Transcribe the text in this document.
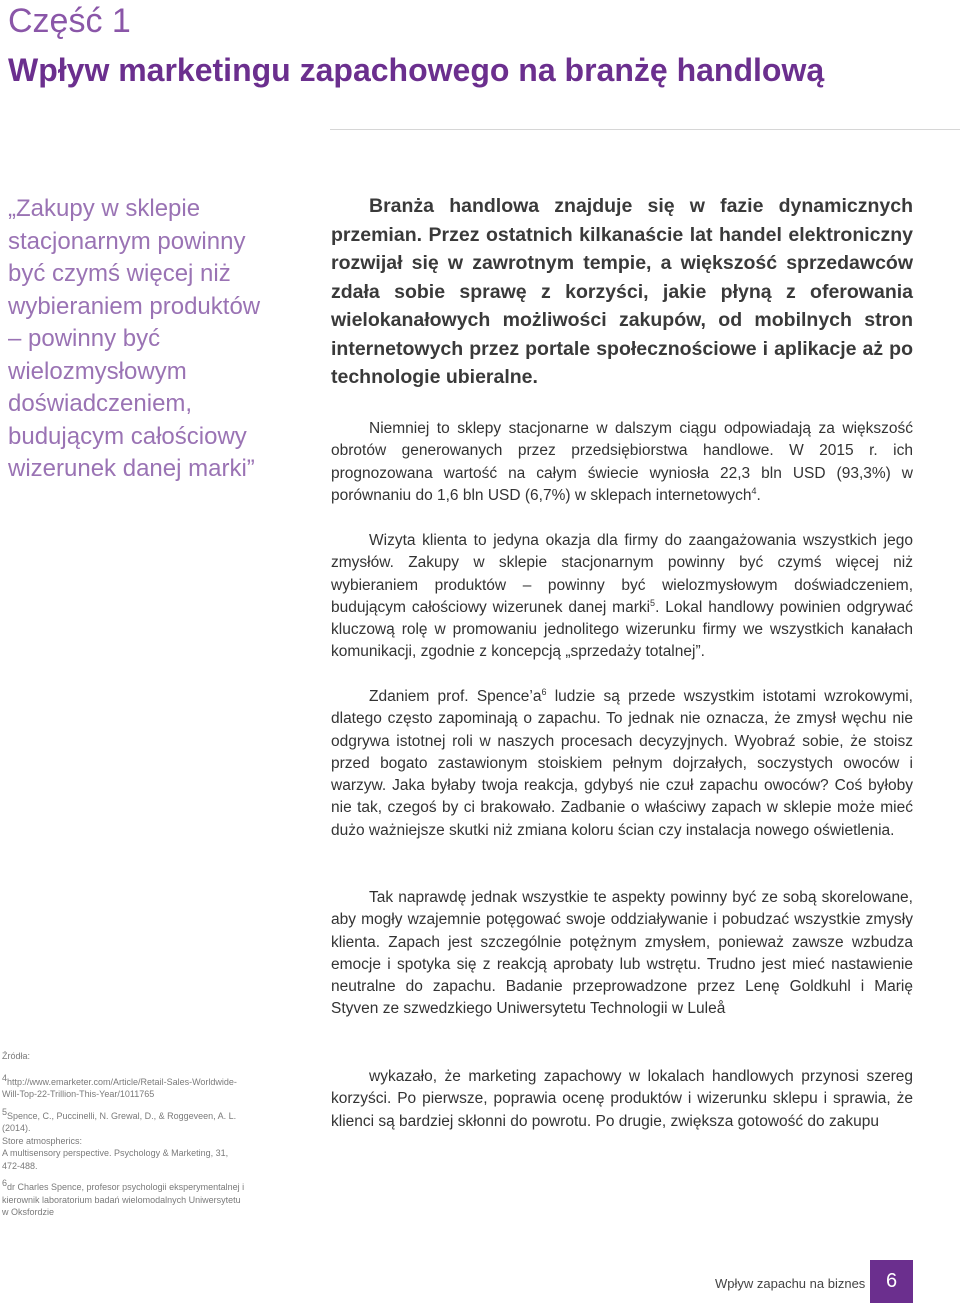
Część 1
Wpływ marketingu zapachowego na branżę handlową

„Zakupy w sklepie stacjonarnym powinny być czymś więcej niż wybieraniem produktów – powinny być wielozmysłowym doświadczeniem, budującym całościowy wizerunek danej marki”

Branża handlowa znajduje się w fazie dynamicznych przemian. Przez ostatnich kilkanaście lat handel elektroniczny rozwijał się w zawrotnym tempie, a większość sprzedawców zdała sobie sprawę z korzyści, jakie płyną z oferowania wielokanałowych możliwości zakupów, od mobilnych stron internetowych przez portale społecznościowe i aplikacje aż po technologie ubieralne.

Niemniej to sklepy stacjonarne w dalszym ciągu odpowiadają za większość obrotów generowanych przez przedsiębiorstwa handlowe. W 2015 r. ich prognozowana wartość na całym świecie wyniosła 22,3 bln USD (93,3%) w porównaniu do 1,6 bln USD (6,7%) w sklepach internetowych$^4$.

Wizyta klienta to jedyna okazja dla firmy do zaangażowania wszystkich jego zmysłów. Zakupy w sklepie stacjonarnym powinny być czymś więcej niż wybieraniem produktów – powinny być wielozmysłowym doświadczeniem, budującym całościowy wizerunek danej marki$^5$. Lokal handlowy powinien odgrywać kluczową rolę w promowaniu jednolitego wizerunku firmy we wszystkich kanałach komunikacji, zgodnie z koncepcją „sprzedaży totalnej”.

Zdaniem prof. $Spence’a^6$ ludzie są przede wszystkim istotami wzrokowymi, dlatego często zapominają o zapachu. To jednak nie oznacza, że zmysł węchu nie odgrywa istotnej roli w naszych procesach decyzyjnych. Wyobraź sobie, że stoisz przed bogato zastawionym stoiskiem pełnym dojrzałych, soczystych owoców i warzyw. Jaka byłaby twoja reakcja, gdybyś nie czuł zapachu owoców? Coś byłoby nie tak, czegoś by ci brakowało. Zadbanie o właściwy zapach w sklepie może mieć dużo ważniejsze skutki niż zmiana koloru ścian czy instalacja nowego oświetlenia.

Tak naprawdę jednak wszystkie te aspekty powinny być ze sobą skorelowane, aby mogły wzajemnie potęgować swoje oddziaływanie i pobudzać wszystkie zmysły klienta. Zapach jest szczególnie potężnym zmysłem, ponieważ zawsze wzbudza emocje i spotyka się z reakcją aprobaty lub wstrętu. Trudno jest mieć nastawienie neutralne do zapachu. Badanie przeprowadzone przez Lenę Goldkuhl i Marię Styven ze szwedzkiego Uniwersytetu Technologii w Luleå

wykazało, że marketing zapachowy w lokalach handlowych przynosi szereg korzyści. Po pierwsze, poprawia ocenę produktów i wizerunku sklepu i sprawia, że klienci są bardziej skłonni do powrotu. Po drugie, zwiększa gotowość do zakupu

Źródła:

$^4$http://www.emarketer.com/Article/Retail-Sales-Worldwide-
Will-Top-22-Trillion-This-Year/1011765

$^5$Spence, C., Puccinelli, N. Grewal, D., & Roggeveen, A. L. (2014).
Store atmospherics:
A multisensory perspective. Psychology & Marketing, 31,
472-488.

$^6$dr Charles Spence, profesor psychologii eksperymentalnej i
kierownik laboratorium badań wielomodalnych Uniwersytetu
w Oksfordzie

Wpływ zapachu na biznes	6
